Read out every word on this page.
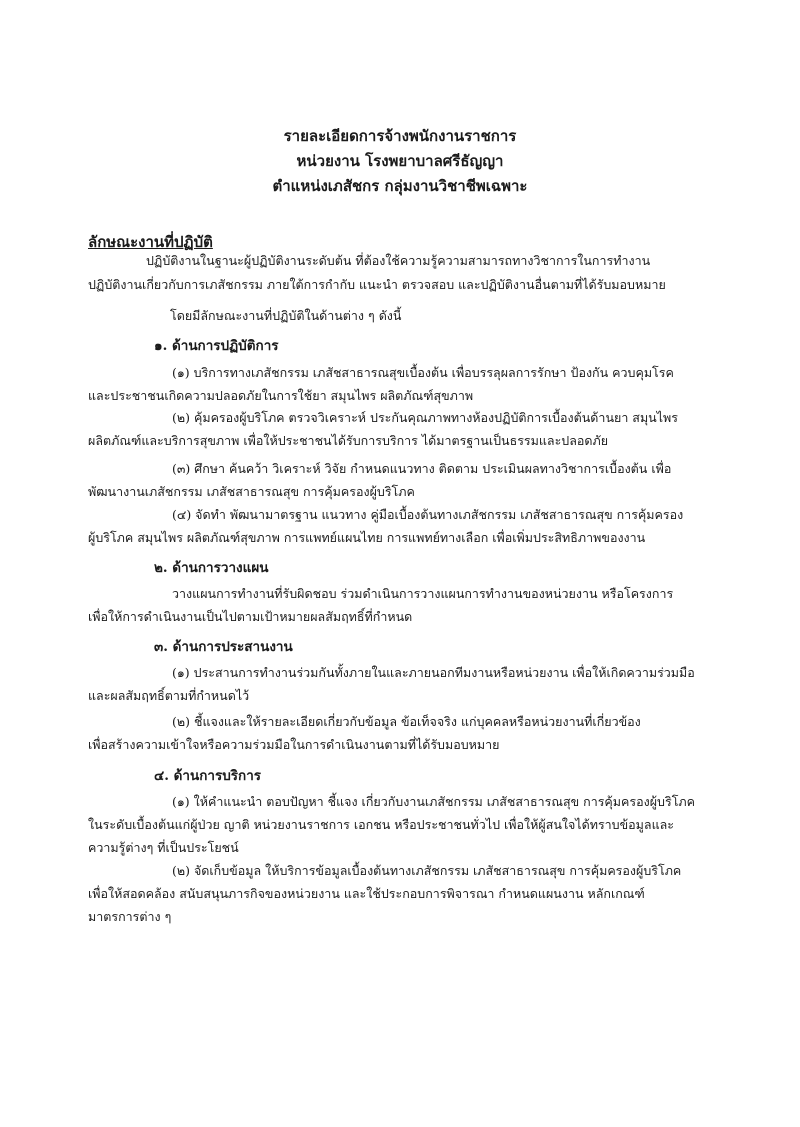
รายละเอียดการจ้างพนักงานราชการ
หน่วยงาน โรงพยาบาลศรีธัญญา
ตำแหน่งเภสัชกร กลุ่มงานวิชาชีพเฉพาะ
ลักษณะงานที่ปฏิบัติ
ปฏิบัติงานในฐานะผู้ปฏิบัติงานระดับต้น ที่ต้องใช้ความรู้ความสามารถทางวิชาการในการทำงาน
ปฏิบัติงานเกี่ยวกับการเภสัชกรรม ภายใต้การกำกับ แนะนำ ตรวจสอบ และปฏิบัติงานอื่นตามที่ได้รับมอบหมาย
โดยมีลักษณะงานที่ปฏิบัติในด้านต่าง ๆ ดังนี้
๑. ด้านการปฏิบัติการ
(๑) บริการทางเภสัชกรรม เภสัชสาธารณสุขเบื้องต้น เพื่อบรรลุผลการรักษา ป้องกัน ควบคุมโรค
และประชาชนเกิดความปลอดภัยในการใช้ยา สมุนไพร ผลิตภัณฑ์สุขภาพ
(๒) คุ้มครองผู้บริโภค ตรวจวิเคราะห์ ประกันคุณภาพทางห้องปฏิบัติการเบื้องต้นด้านยา สมุนไพร
ผลิตภัณฑ์และบริการสุขภาพ เพื่อให้ประชาชนได้รับการบริการ ได้มาตรฐานเป็นธรรมและปลอดภัย
(๓) ศึกษา ค้นคว้า วิเคราะห์ วิจัย กำหนดแนวทาง ติดตาม ประเมินผลทางวิชาการเบื้องต้น เพื่อ
พัฒนางานเภสัชกรรม เภสัชสาธารณสุข การคุ้มครองผู้บริโภค
(๔) จัดทำ พัฒนามาตรฐาน แนวทาง คู่มือเบื้องต้นทางเภสัชกรรม เภสัชสาธารณสุข การคุ้มครอง
ผู้บริโภค สมุนไพร ผลิตภัณฑ์สุขภาพ การแพทย์แผนไทย การแพทย์ทางเลือก เพื่อเพิ่มประสิทธิภาพของงาน
๒. ด้านการวางแผน
วางแผนการทำงานที่รับผิดชอบ ร่วมดำเนินการวางแผนการทำงานของหน่วยงาน หรือโครงการ
เพื่อให้การดำเนินงานเป็นไปตามเป้าหมายผลสัมฤทธิ์ที่กำหนด
๓. ด้านการประสานงาน
(๑) ประสานการทำงานร่วมกันทั้งภายในและภายนอกทีมงานหรือหน่วยงาน เพื่อให้เกิดความร่วมมือ
และผลสัมฤทธิ์ตามที่กำหนดไว้
(๒) ชี้แจงและให้รายละเอียดเกี่ยวกับข้อมูล ข้อเท็จจริง แก่บุคคลหรือหน่วยงานที่เกี่ยวข้อง
เพื่อสร้างความเข้าใจหรือความร่วมมือในการดำเนินงานตามที่ได้รับมอบหมาย
๔. ด้านการบริการ
(๑) ให้คำแนะนำ ตอบปัญหา ชี้แจง เกี่ยวกับงานเภสัชกรรม เภสัชสาธารณสุข การคุ้มครองผู้บริโภค
ในระดับเบื้องต้นแก่ผู้ป่วย ญาติ หน่วยงานราชการ เอกชน หรือประชาชนทั่วไป เพื่อให้ผู้สนใจได้ทราบข้อมูลและ
ความรู้ต่างๆ ที่เป็นประโยชน์
(๒) จัดเก็บข้อมูล ให้บริการข้อมูลเบื้องต้นทางเภสัชกรรม เภสัชสาธารณสุข การคุ้มครองผู้บริโภค
เพื่อให้สอดคล้อง สนับสนุนภารกิจของหน่วยงาน และใช้ประกอบการพิจารณา กำหนดแผนงาน หลักเกณฑ์
มาตรการต่าง ๆ
